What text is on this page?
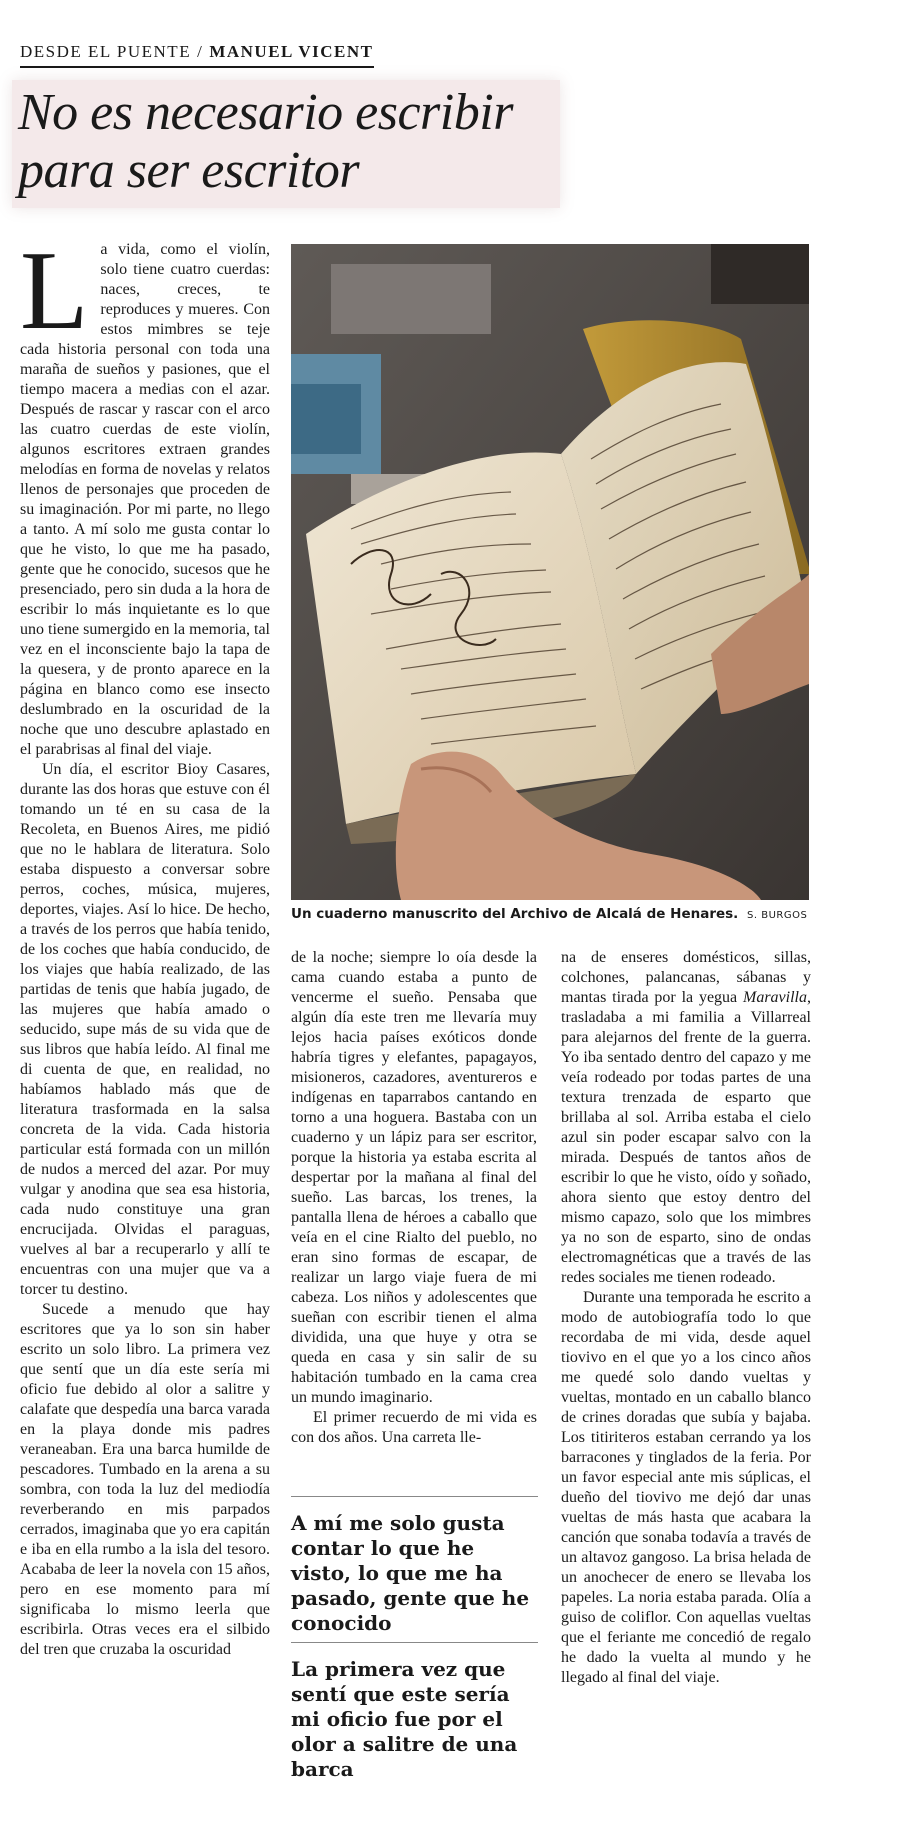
DESDE EL PUENTE / MANUEL VICENT
No es necesario escribir
para ser escritor
L a vida, como el violín, solo tiene cuatro cuerdas: naces, creces, te reproduces y mueres. Con estos mimbres se teje cada historia personal con toda una maraña de sueños y pasiones, que el tiempo macera a medias con el azar. Después de rascar y rascar con el arco las cuatro cuerdas de este violín, algunos escritores extraen grandes melodías en forma de novelas y relatos llenos de personajes que proceden de su imaginación. Por mi parte, no llego a tanto. A mí solo me gusta contar lo que he visto, lo que me ha pasado, gente que he conocido, sucesos que he presenciado, pero sin duda a la hora de escribir lo más inquietante es lo que uno tiene sumergido en la memoria, tal vez en el inconsciente bajo la tapa de la quesera, y de pronto aparece en la página en blanco como ese insecto deslumbrado en la oscuridad de la noche que uno descubre aplastado en el parabrisas al final del viaje.

Un día, el escritor Bioy Casares, durante las dos horas que estuve con él tomando un té en su casa de la Recoleta, en Buenos Aires, me pidió que no le hablara de literatura. Solo estaba dispuesto a conversar sobre perros, coches, música, mujeres, deportes, viajes. Así lo hice. De hecho, a través de los perros que había tenido, de los coches que había conducido, de los viajes que había realizado, de las partidas de tenis que había jugado, de las mujeres que había amado o seducido, supe más de su vida que de sus libros que había leído. Al final me di cuenta de que, en realidad, no habíamos hablado más que de literatura trasformada en la salsa concreta de la vida. Cada historia particular está formada con un millón de nudos a merced del azar. Por muy vulgar y anodina que sea esa historia, cada nudo constituye una gran encrucijada. Olvidas el paraguas, vuelves al bar a recuperarlo y allí te encuentras con una mujer que va a torcer tu destino.

Sucede a menudo que hay escritores que ya lo son sin haber escrito un solo libro. La primera vez que sentí que un día este sería mi oficio fue debido al olor a salitre y calafate que despedía una barca varada en la playa donde mis padres veraneaban. Era una barca humilde de pescadores. Tumbado en la arena a su sombra, con toda la luz del mediodía reverberando en mis parpados cerrados, imaginaba que yo era capitán e iba en ella rumbo a la isla del tesoro. Acababa de leer la novela con 15 años, pero en ese momento para mí significaba lo mismo leerla que escribirla. Otras veces era el silbido del tren que cruzaba la oscuridad

Un cuaderno manuscrito del Archivo de Alcalá de Henares. S. BURGOS

de la noche; siempre lo oía desde la cama cuando estaba a punto de vencerme el sueño. Pensaba que algún día este tren me llevaría muy lejos hacia países exóticos donde habría tigres y elefantes, papagayos, misioneros, cazadores, aventureros e indígenas en taparrabos cantando en torno a una hoguera. Bastaba con un cuaderno y un lápiz para ser escritor, porque la historia ya estaba escrita al despertar por la mañana al final del sueño. Las barcas, los trenes, la pantalla llena de héroes a caballo que veía en el cine Rialto del pueblo, no eran sino formas de escapar, de realizar un largo viaje fuera de mi cabeza. Los niños y adolescentes que sueñan con escribir tienen el alma dividida, una que huye y otra se queda en casa y sin salir de su habitación tumbado en la cama crea un mundo imaginario.

El primer recuerdo de mi vida es con dos años. Una carreta lle-

A mí me solo gusta contar lo que he visto, lo que me ha pasado, gente que he conocido
La primera vez que sentí que este sería mi oficio fue por el olor a salitre de una barca

na de enseres domésticos, sillas, colchones, palancanas, sábanas y mantas tirada por la yegua Maravilla, trasladaba a mi familia a Villarreal para alejarnos del frente de la guerra. Yo iba sentado dentro del capazo y me veía rodeado por todas partes de una textura trenzada de esparto que brillaba al sol. Arriba estaba el cielo azul sin poder escapar salvo con la mirada. Después de tantos años de escribir lo que he visto, oído y soñado, ahora siento que estoy dentro del mismo capazo, solo que los mimbres ya no son de esparto, sino de ondas electromagnéticas que a través de las redes sociales me tienen rodeado.

Durante una temporada he escrito a modo de autobiografía todo lo que recordaba de mi vida, desde aquel tiovivo en el que yo a los cinco años me quedé solo dando vueltas y vueltas, montado en un caballo blanco de crines doradas que subía y bajaba. Los titiriteros estaban cerrando ya los barracones y tinglados de la feria. Por un favor especial ante mis súplicas, el dueño del tiovivo me dejó dar unas vueltas de más hasta que acabara la canción que sonaba todavía a través de un altavoz gangoso. La brisa helada de un anochecer de enero se llevaba los papeles. La noria estaba parada. Olía a guiso de coliflor. Con aquellas vueltas que el feriante me concedió de regalo he dado la vuelta al mundo y he llegado al final del viaje.
